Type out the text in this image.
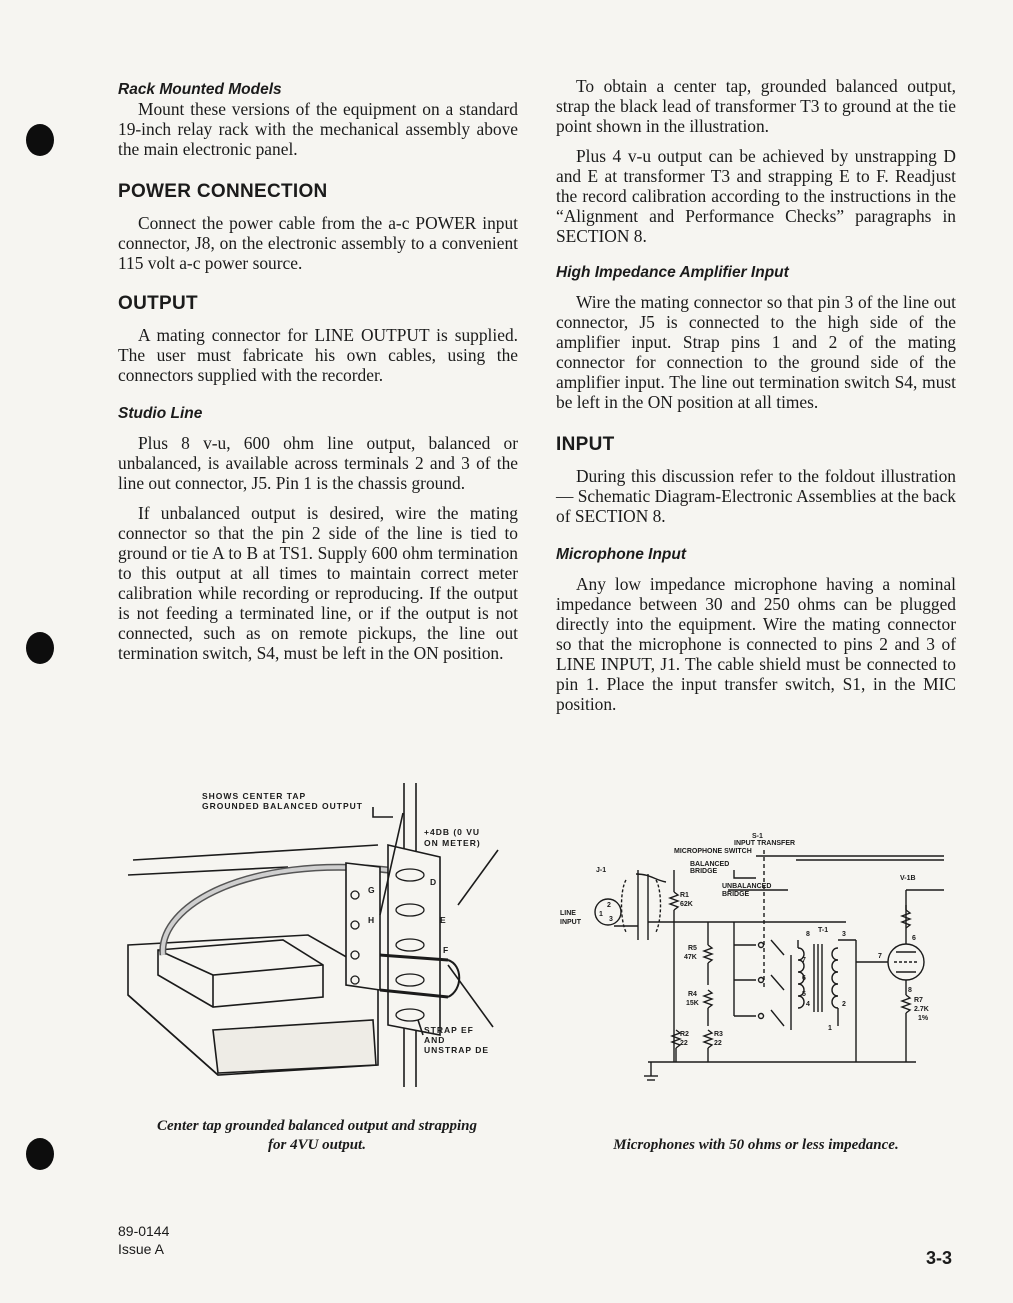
Rack Mounted Models

Mount these versions of the equipment on a standard 19-inch relay rack with the mechanical assembly above the main electronic panel.

POWER CONNECTION

Connect the power cable from the a-c POWER input connector, J8, on the electronic assembly to a convenient 115 volt a-c power source.

OUTPUT

A mating connector for LINE OUTPUT is supplied. The user must fabricate his own cables, using the connectors supplied with the recorder.

Studio Line

Plus 8 v-u, 600 ohm line output, balanced or unbalanced, is available across terminals 2 and 3 of the line out connector, J5. Pin 1 is the chassis ground.

If unbalanced output is desired, wire the mating connector so that the pin 2 side of the line is tied to ground or tie A to B at TS1. Supply 600 ohm termination to this output at all times to maintain correct meter calibration while recording or reproducing. If the output is not feeding a terminated line, or if the output is not connected, such as on remote pickups, the line out termination switch, S4, must be left in the ON position.

To obtain a center tap, grounded balanced output, strap the black lead of transformer T3 to ground at the tie point shown in the illustration.

Plus 4 v-u output can be achieved by unstrapping D and E at transformer T3 and strapping E to F. Readjust the record calibration according to the instructions in the “Alignment and Performance Checks” paragraphs in SECTION 8.

High Impedance Amplifier Input

Wire the mating connector so that pin 3 of the line out connector, J5 is connected to the high side of the amplifier input. Strap pins 1 and 2 of the mating connector for connection to the ground side of the amplifier input. The line out termination switch S4, must be left in the ON position at all times.

INPUT

During this discussion refer to the foldout illustration — Schematic Diagram-Electronic Assemblies at the back of SECTION 8.

Microphone Input

Any low impedance microphone having a nominal impedance between 30 and 250 ohms can be plugged directly into the equipment. Wire the mating connector so that the microphone is connected to pins 2 and 3 of LINE INPUT, J1. The cable shield must be connected to pin 1. Place the input transfer switch, S1, in the MIC position.

SHOWS CENTER TAP
GROUNDED BALANCED OUTPUT
+4DB (0 VU
ON METER)
STRAP EF
AND
UNSTRAP DE
G
H
D
E
F
Center tap grounded balanced output and strapping
for 4VU output.
S-1
INPUT TRANSFER
MICROPHONE SWITCH
BALANCED
BRIDGE
UNBALANCED
BRIDGE
J-1
LINE
INPUT
1
2
3
R1
62K
R5
47K
R4
15K
R2
22
R3
22
T-1
8	3
7
6
5
4	2
1
V-1B
6
7
8
R7
2.7K
1%
Microphones with 50 ohms or less impedance.
89-0144
Issue A	3-3
